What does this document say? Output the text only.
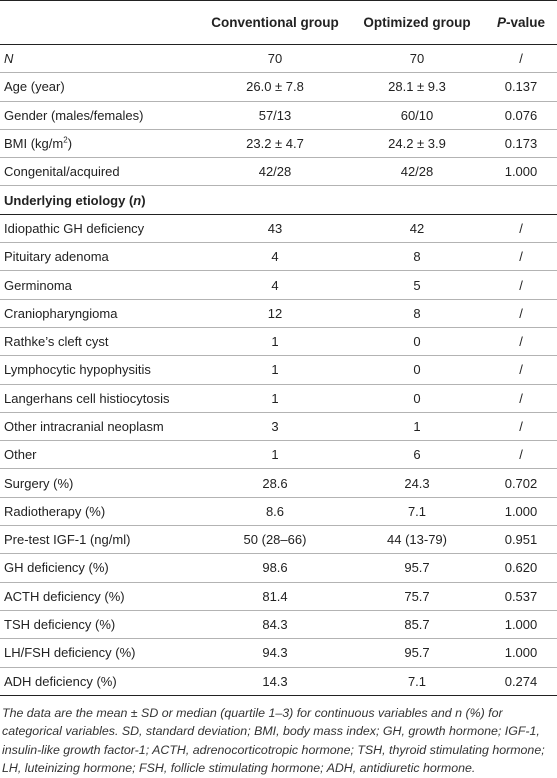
	Conventional group	Optimized group	P-value
N	70	70	/
Age (year)	26.0 ± 7.8	28.1 ± 9.3	0.137
Gender (males/females)	57/13	60/10	0.076
BMI $(kg/m^2)$	23.2 ± 4.7	24.2 ± 3.9	0.173
Congenital/acquired	42/28	42/28	1.000
Underlying etiology (n)			
Idiopathic GH deficiency	43	42	/
Pituitary adenoma	4	8	/
Germinoma	4	5	/
Craniopharyngioma	12	8	/
Rathke’s cleft cyst	1	0	/
Lymphocytic hypophysitis	1	0	/
Langerhans cell histiocytosis	1	0	/
Other intracranial neoplasm	3	1	/
Other	1	6	/
Surgery (%)	28.6	24.3	0.702
Radiotherapy (%)	8.6	7.1	1.000
Pre-test IGF-1 (ng/ml)	50 (28–66)	44 (13-79)	0.951
GH deficiency (%)	98.6	95.7	0.620
ACTH deficiency (%)	81.4	75.7	0.537
TSH deficiency (%)	84.3	85.7	1.000
LH/FSH deficiency (%)	94.3	95.7	1.000
ADH deficiency (%)	14.3	7.1	0.274

The data are the mean ± SD or median (quartile 1–3) for continuous variables and n (%) for categorical variables. SD, standard deviation; BMI, body mass index; GH, growth hormone; IGF-1, insulin-like growth factor-1; ACTH, adrenocorticotropic hormone; TSH, thyroid stimulating hormone; LH, luteinizing hormone; FSH, follicle stimulating hormone; ADH, antidiuretic hormone.
